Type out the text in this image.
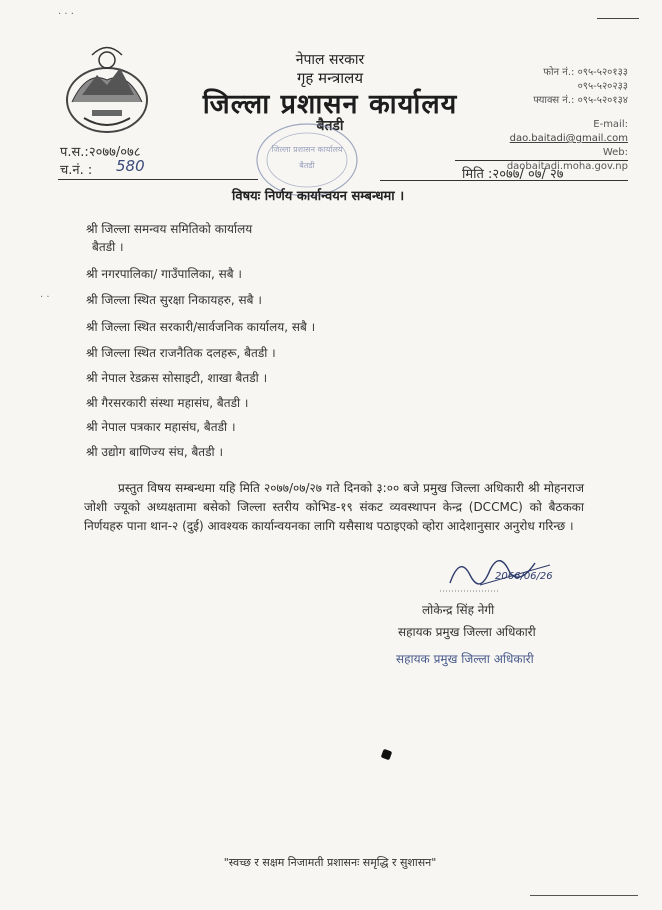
· · ·
नेपाल सरकार
गृह मन्त्रालय
जिल्ला प्रशासन कार्यालय
बैतडी
फोन नं.: ०९५-५२०१३३
०९५-५२०२३३
फ्याक्स नं.: ०९५-५२०१३४
E-mail: dao.baitadi@gmail.com
Web: daobaitadi.moha.gov.np
जिल्ला प्रशासन कार्यालय
बैतडी
प.स.:२०७७/०७८
च.नं. : 580	मिति :२०७७/ ०७/ २७
विषयः निर्णय कार्यान्वयन सम्बन्धमा ।
श्री जिल्ला समन्वय समितिको कार्यालय
बैतडी ।
श्री नगरपालिका/ गाउँपालिका, सबै ।
श्री जिल्ला स्थित सुरक्षा निकायहरु, सबै ।
श्री जिल्ला स्थित सरकारी/सार्वजनिक कार्यालय, सबै ।
श्री जिल्ला स्थित राजनैतिक दलहरू, बैतडी ।
श्री नेपाल रेडक्रस सोसाइटी, शाखा बैतडी ।
श्री गैरसरकारी संस्था महासंघ, बैतडी ।
श्री नेपाल पत्रकार महासंघ, बैतडी ।
श्री उद्योग बाणिज्य संघ, बैतडी ।
· ·
प्रस्तुत विषय सम्बन्धमा यहि मिति २०७७/०७/२७ गते दिनको ३:०० बजे प्रमुख जिल्ला अधिकारी श्री मोहनराज जोशी ज्यूको अध्यक्षतामा बसेको जिल्ला स्तरीय कोभिड-१९ संकट व्यवस्थापन केन्द्र (DCCMC) को बैठकका निर्णयहरु पाना थान-२ (दुई) आवश्यक कार्यान्वयनका लागि यसैसाथ पठाइएको व्होरा आदेशानुसार अनुरोध गरिन्छ ।
2066/06/26
लोकेन्द्र सिंह नेगी
सहायक प्रमुख जिल्ला अधिकारी
सहायक प्रमुख जिल्ला अधिकारी
"स्वच्छ र सक्षम निजामती प्रशासनः समृद्धि र सुशासन"
